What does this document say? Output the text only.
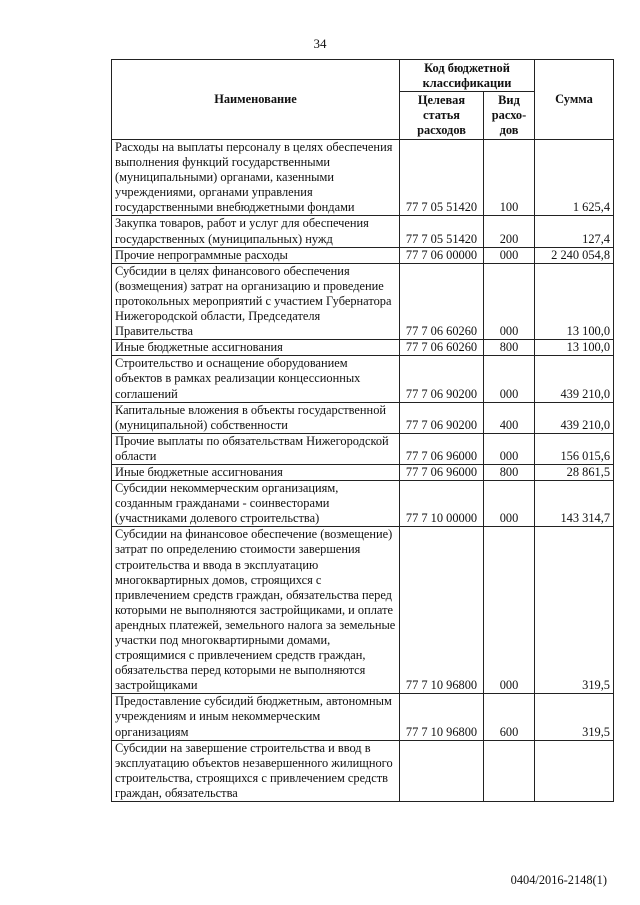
34
Наименование	Код бюджетной классификации		Сумма
	Целевая статья расходов	Вид расхо-дов	
Расходы на выплаты персоналу в целях обеспечения выполнения функций государственными (муниципальными) органами, казенными учреждениями, органами управления государственными внебюджетными фондами	77 7 05 51420	100	1 625,4
Закупка товаров, работ и услуг для обеспечения государственных (муниципальных) нужд	77 7 05 51420	200	127,4
Прочие непрограммные расходы	77 7 06 00000	000	2 240 054,8
Субсидии в целях финансового обеспечения (возмещения) затрат на организацию и проведение протокольных мероприятий с участием Губернатора Нижегородской области, Председателя Правительства	77 7 06 60260	000	13 100,0
Иные бюджетные ассигнования	77 7 06 60260	800	13 100,0
Строительство и оснащение оборудованием объектов в рамках реализации концессионных соглашений	77 7 06 90200	000	439 210,0
Капитальные вложения в объекты государственной (муниципальной) собственности	77 7 06 90200	400	439 210,0
Прочие выплаты по обязательствам Нижегородской области	77 7 06 96000	000	156 015,6
Иные бюджетные ассигнования	77 7 06 96000	800	28 861,5
Субсидии некоммерческим организациям, созданным гражданами - соинвесторами (участниками долевого строительства)	77 7 10 00000	000	143 314,7
Субсидии на финансовое обеспечение (возмещение) затрат по определению стоимости завершения строительства и ввода в эксплуатацию многоквартирных домов, строящихся с привлечением средств граждан, обязательства перед которыми не выполняются застройщиками, и оплате арендных платежей, земельного налога за земельные участки под многоквартирными домами, строящимися с привлечением средств граждан, обязательства перед которыми не выполняются застройщиками	77 7 10 96800	000	319,5
Предоставление субсидий бюджетным, автономным учреждениям и иным некоммерческим организациям	77 7 10 96800	600	319,5
Субсидии на завершение строительства и ввод в эксплуатацию объектов незавершенного жилищного строительства, строящихся с привлечением средств граждан, обязательства			
0404/2016-2148(1)
